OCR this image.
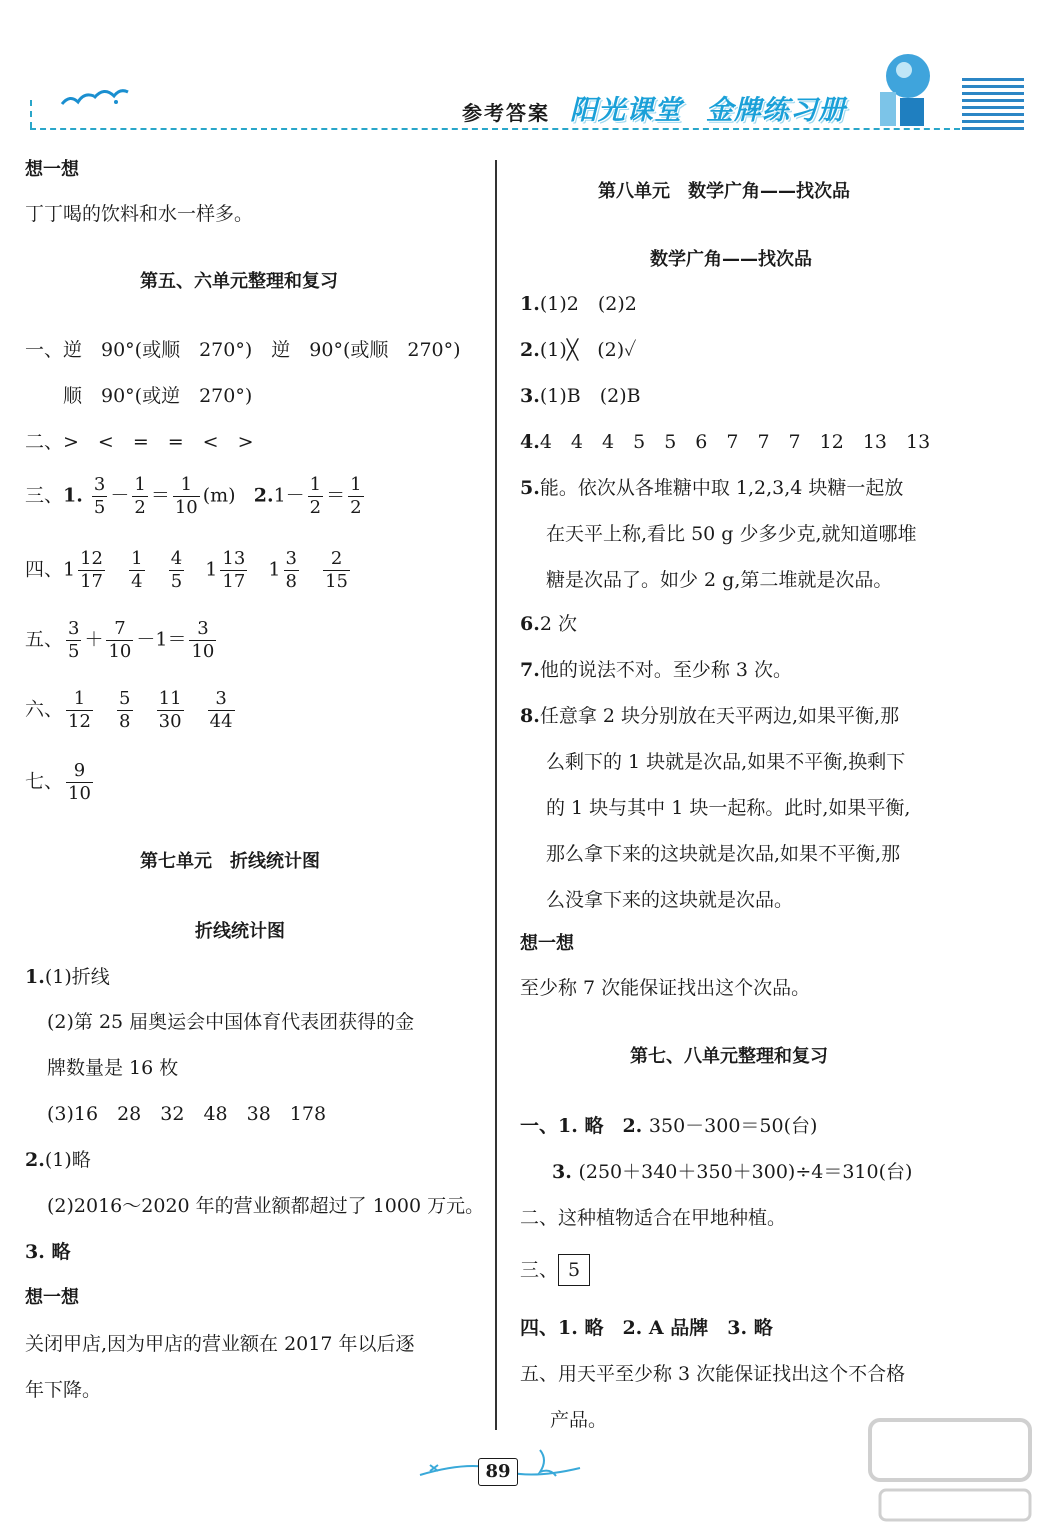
参考答案 阳光课堂 金牌练习册
想一想
丁丁喝的饮料和水一样多。
第五、六单元整理和复习
一、逆　90°(或顺　270°)　逆　90°(或顺　270°)
顺　90°(或逆　270°)
二、>　<　=　=　<　>
三、1. $\frac{3}{5} - \frac{1}{2} = \frac{1}{10} (m)$ $2.1- \frac{1}{2} = \frac{1}{2}$
四、$1 \frac{12}{17}$
$\frac{1}{4}$
$\frac{4}{5} 1 \frac{13}{17} 1 \frac{3}{8}$
$\frac{2}{15}$
五、 $\frac{3}{5} + \frac{7}{10} -1= \frac{3}{10}$
六、 $\frac{1}{12}$
$\frac{5}{8}$
$\frac{11}{30}$
$\frac{3}{44}$
七、 $\frac{9}{10}$
第七单元　折线统计图
折线统计图
1.(1)折线
(2)第 25 届奥运会中国体育代表团获得的金
牌数量是 16 枚
(3)16　28　32　48　38　178
2.(1)略
(2)2016～2020 年的营业额都超过了 1000 万元。
3. 略
想一想
关闭甲店,因为甲店的营业额在 2017 年以后逐
年下降。
第八单元　数学广角——找次品
数学广角——找次品
1.(1)2　(2)2
2.(1)╳　(2)✓
3.(1)B　(2)B
4.4　4　4　5　5　6　7　7　7　12　13　13
5.能。依次从各堆糖中取 1,2,3,4 块糖一起放
在天平上称,看比 50 g 少多少克,就知道哪堆
糖是次品了。如少 2 g,第二堆就是次品。
6.2 次
7.他的说法不对。至少称 3 次。
8.任意拿 2 块分别放在天平两边,如果平衡,那
么剩下的 1 块就是次品,如果不平衡,换剩下
的 1 块与其中 1 块一起称。此时,如果平衡,
那么拿下来的这块就是次品,如果不平衡,那
么没拿下来的这块就是次品。
想一想
至少称 7 次能保证找出这个次品。
第七、八单元整理和复习
一、1. 略　2. 350－300＝50(台)
3. (250＋340＋350＋300)÷4＝310(台)
二、这种植物适合在甲地种植。
三、 5
四、1. 略　2. A 品牌　3. 略
五、用天平至少称 3 次能保证找出这个不合格
产品。
89
